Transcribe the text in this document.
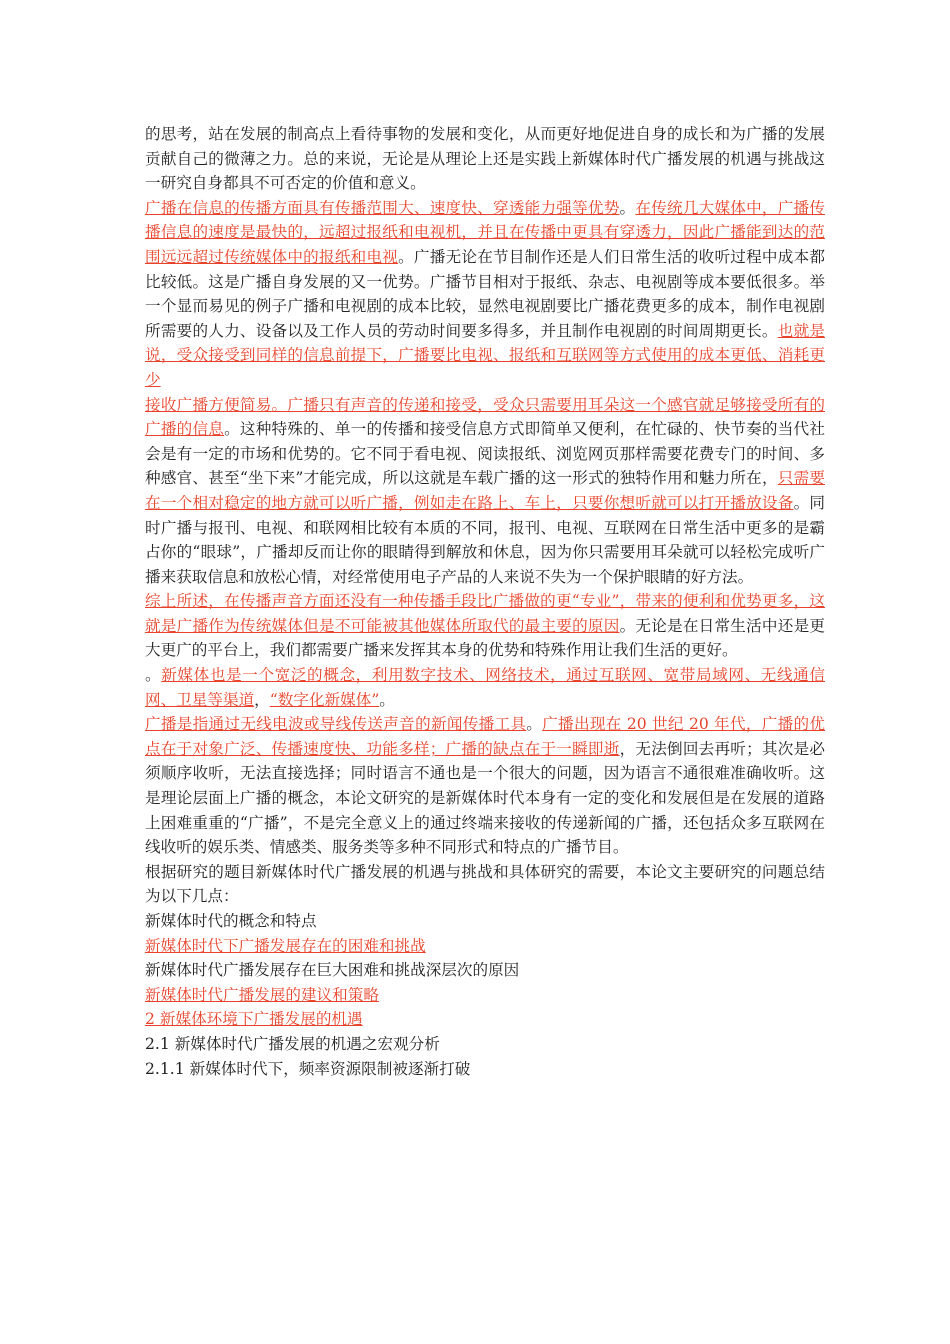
的思考，站在发展的制高点上看待事物的发展和变化，从而更好地促进自身的成长和为广播的发展贡献自己的微薄之力。总的来说，无论是从理论上还是实践上新媒体时代广播发展的机遇与挑战这一研究自身都具不可否定的价值和意义。

广播在信息的传播方面具有传播范围大、速度快、穿透能力强等优势。在传统几大媒体中，广播传播信息的速度是最快的，远超过报纸和电视机，并且在传播中更具有穿透力，因此广播能到达的范围远远超过传统媒体中的报纸和电视。广播无论在节目制作还是人们日常生活的收听过程中成本都比较低。这是广播自身发展的又一优势。广播节目相对于报纸、杂志、电视剧等成本要低很多。举一个显而易见的例子广播和电视剧的成本比较，显然电视剧要比广播花费更多的成本，制作电视剧所需要的人力、设备以及工作人员的劳动时间要多得多，并且制作电视剧的时间周期更长。也就是说，受众接受到同样的信息前提下，广播要比电视、报纸和互联网等方式使用的成本更低、消耗更少

接收广播方便简易。广播只有声音的传递和接受，受众只需要用耳朵这一个感官就足够接受所有的广播的信息。这种特殊的、单一的传播和接受信息方式即简单又便利，在忙碌的、快节奏的当代社会是有一定的市场和优势的。它不同于看电视、阅读报纸、浏览网页那样需要花费专门的时间、多种感官、甚至“坐下来”才能完成，所以这就是车载广播的这一形式的独特作用和魅力所在，只需要在一个相对稳定的地方就可以听广播，例如走在路上、车上，只要你想听就可以打开播放设备。同时广播与报刊、电视、和联网相比较有本质的不同，报刊、电视、互联网在日常生活中更多的是霸占你的“眼球”，广播却反而让你的眼睛得到解放和休息，因为你只需要用耳朵就可以轻松完成听广播来获取信息和放松心情，对经常使用电子产品的人来说不失为一个保护眼睛的好方法。

综上所述，在传播声音方面还没有一种传播手段比广播做的更“专业”，带来的便利和优势更多，这就是广播作为传统媒体但是不可能被其他媒体所取代的最主要的原因。无论是在日常生活中还是更大更广的平台上，我们都需要广播来发挥其本身的优势和特殊作用让我们生活的更好。

。新媒体也是一个宽泛的概念，利用数字技术、网络技术，通过互联网、宽带局域网、无线通信网、卫星等渠道，“数字化新媒体”。

广播是指通过无线电波或导线传送声音的新闻传播工具。广播出现在 20 世纪 20 年代，广播的优点在于对象广泛、传播速度快、功能多样；广播的缺点在于一瞬即逝，无法倒回去再听；其次是必须顺序收听，无法直接选择；同时语言不通也是一个很大的问题，因为语言不通很难准确收听。这是理论层面上广播的概念，本论文研究的是新媒体时代本身有一定的变化和发展但是在发展的道路上困难重重的“广播”，不是完全意义上的通过终端来接收的传递新闻的广播，还包括众多互联网在线收听的娱乐类、情感类、服务类等多种不同形式和特点的广播节目。

根据研究的题目新媒体时代广播发展的机遇与挑战和具体研究的需要，本论文主要研究的问题总结为以下几点：

新媒体时代的概念和特点

新媒体时代下广播发展存在的困难和挑战

新媒体时代广播发展存在巨大困难和挑战深层次的原因

新媒体时代广播发展的建议和策略

2 新媒体环境下广播发展的机遇

2.1 新媒体时代广播发展的机遇之宏观分析

2.1.1 新媒体时代下，频率资源限制被逐渐打破
